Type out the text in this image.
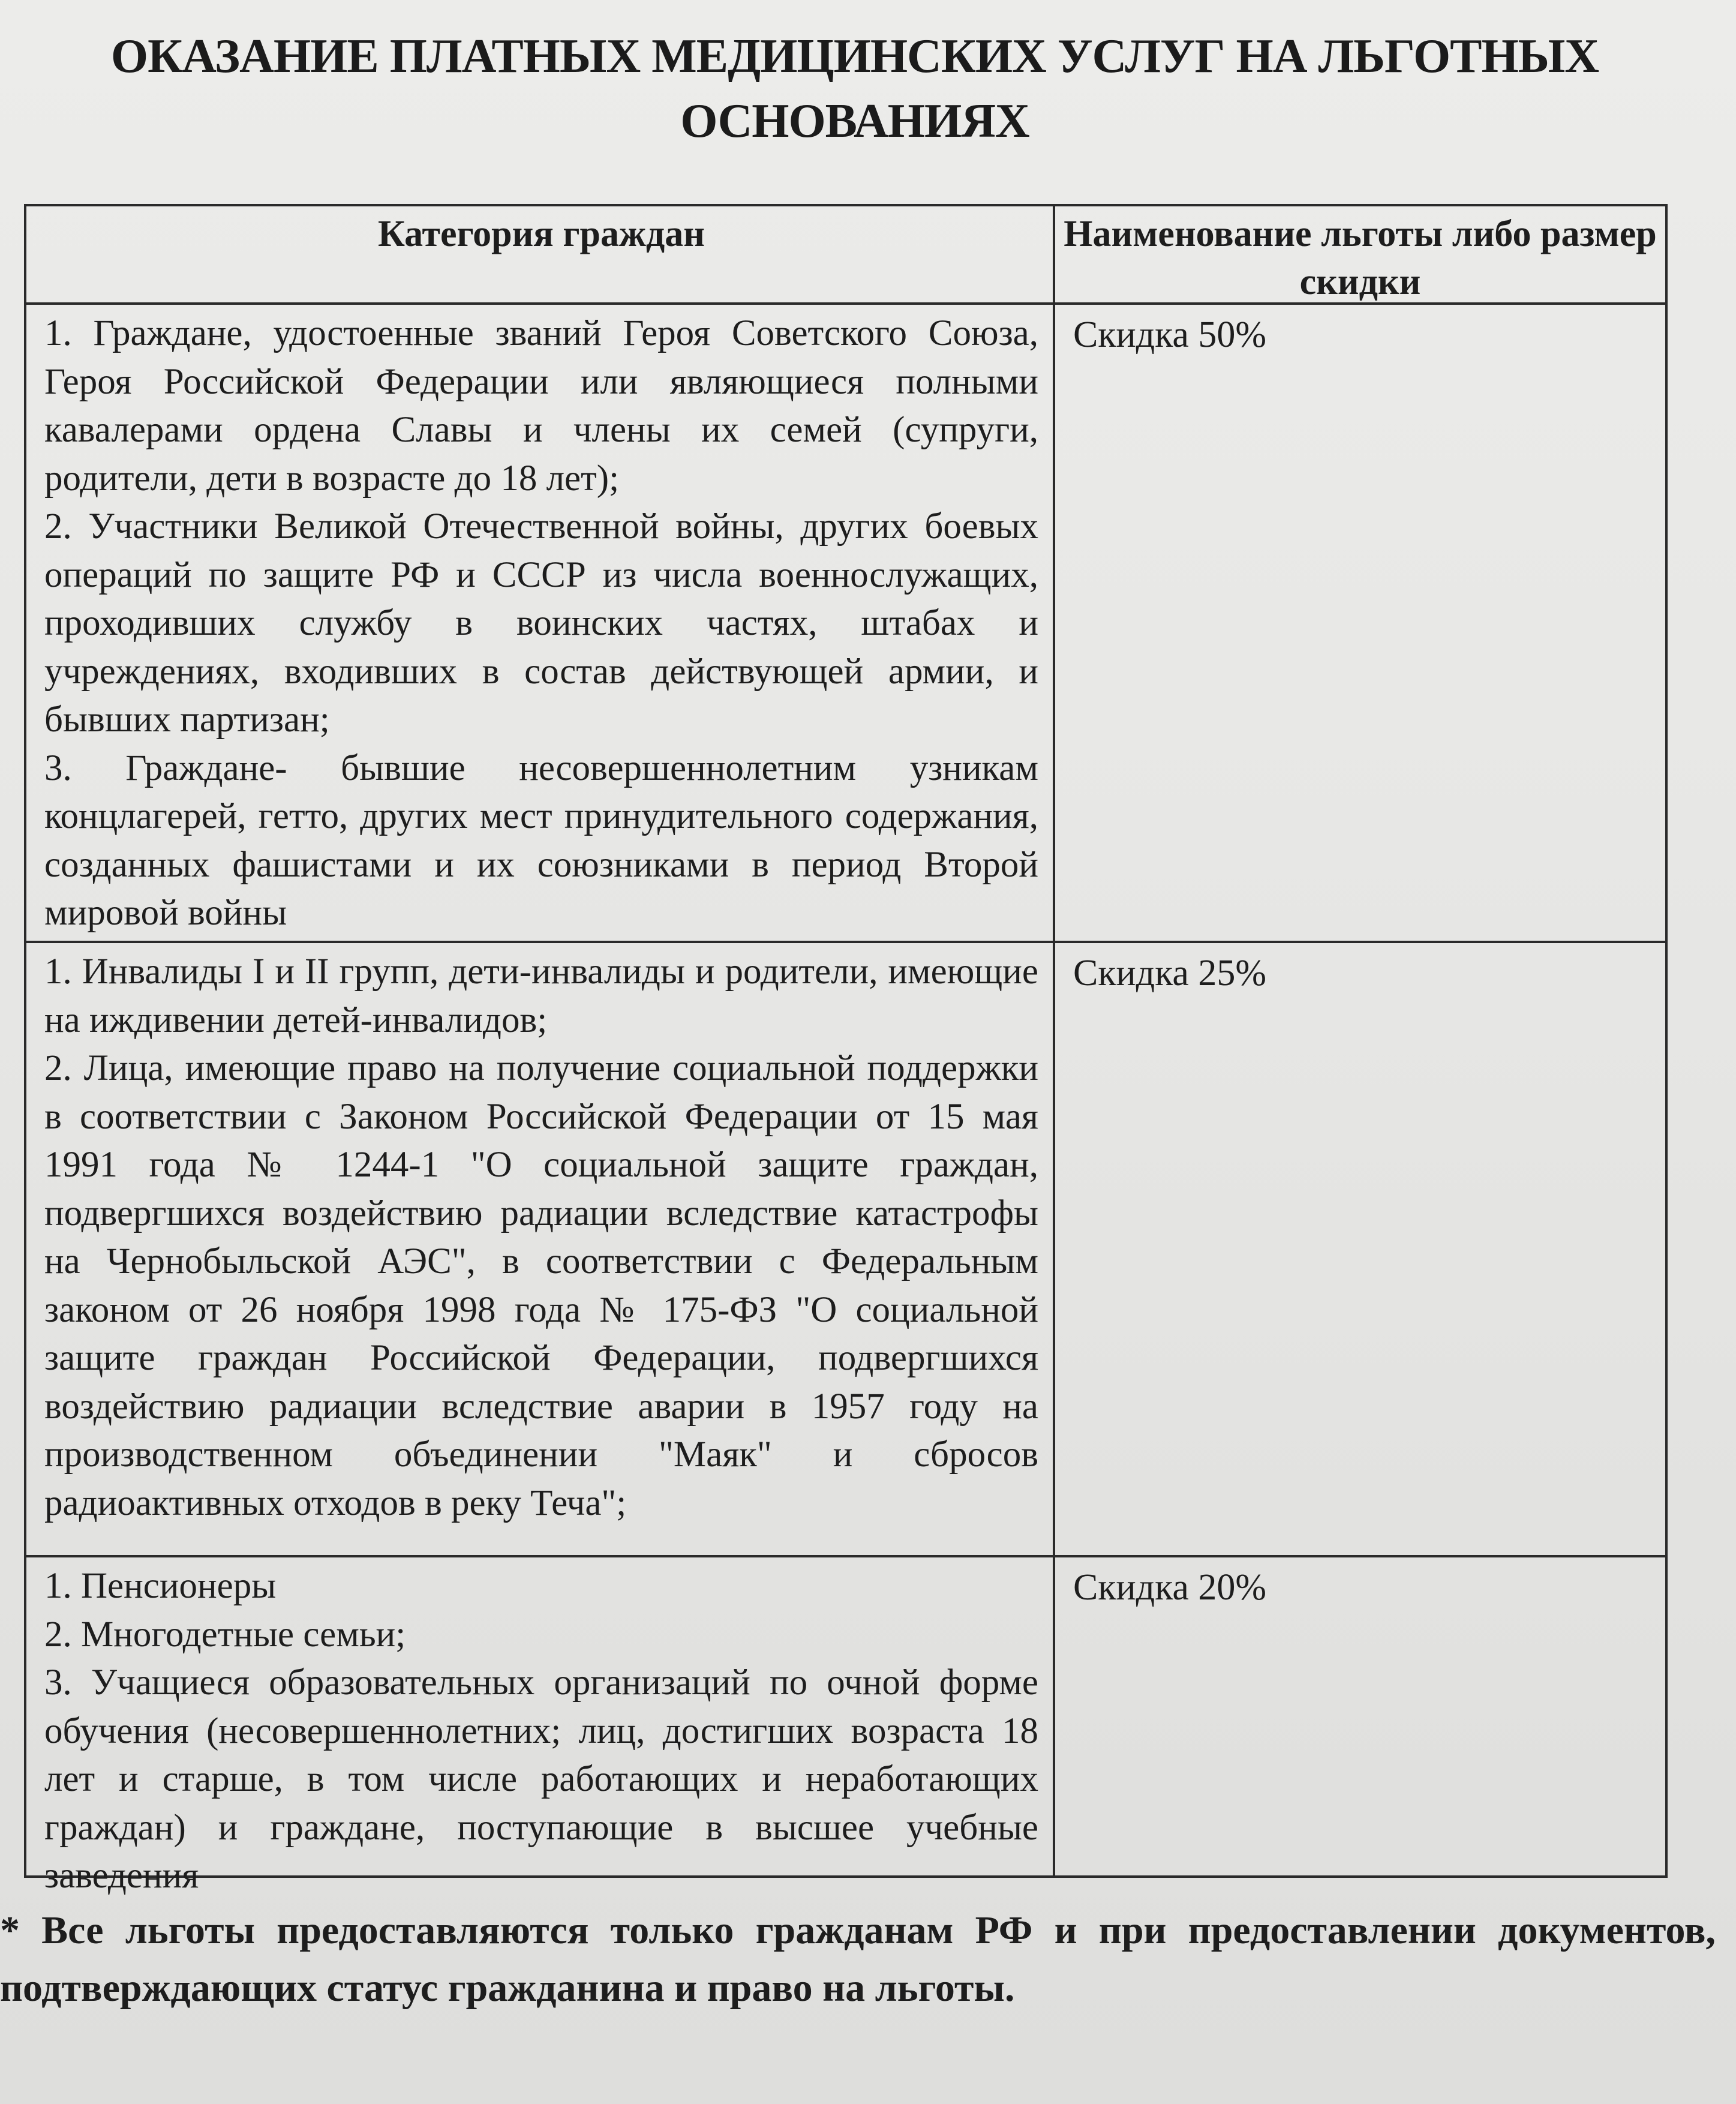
ОКАЗАНИЕ ПЛАТНЫХ МЕДИЦИНСКИХ УСЛУГ НА ЛЬГОТНЫХ ОСНОВАНИЯХ
Категория граждан	Наименование льготы либо размер скидки

1. Граждане, удостоенные званий Героя Советского Союза, Героя Российской Федерации или являющиеся полными кавалерами ордена Славы и члены их семей (супруги, родители, дети в возрасте до 18 лет);

2. Участники Великой Отечественной войны, других боевых операций по защите РФ и СССР из числа военнослужащих, проходивших службу в воинских частях, штабах и учреждениях, входивших в состав действующей армии, и бывших партизан;

3. Граждане- бывшие несовершеннолетним узникам концлагерей, гетто, других мест принудительного содержания, созданных фашистами и их союзниками в период Второй мировой войны

Скидка 50%

1. Инвалиды I и II групп, дети-инвалиды и родители, имеющие на иждивении детей-инвалидов;

2. Лица, имеющие право на получение социальной поддержки в соответствии с Законом Российской Федерации от 15 мая 1991 года № 1244-1 "О социальной защите граждан, подвергшихся воздействию радиации вследствие катастрофы на Чернобыльской АЭС", в соответствии с Федеральным законом от 26 ноября 1998 года № 175-ФЗ "О социальной защите граждан Российской Федерации, подвергшихся воздействию радиации вследствие аварии в 1957 году на производственном объединении "Маяк" и сбросов радиоактивных отходов в реку Теча";

Скидка 25%

1. Пенсионеры

2. Многодетные семьи;

3. Учащиеся образовательных организаций по очной форме обучения (несовершеннолетних; лиц, достигших возраста 18 лет и старше, в том числе работающих и неработающих граждан) и граждане, поступающие в высшее учебные заведения

Скидка 20%
* Все льготы предоставляются только гражданам РФ и при предоставлении документов, подтверждающих статус гражданина и право на льготы.
